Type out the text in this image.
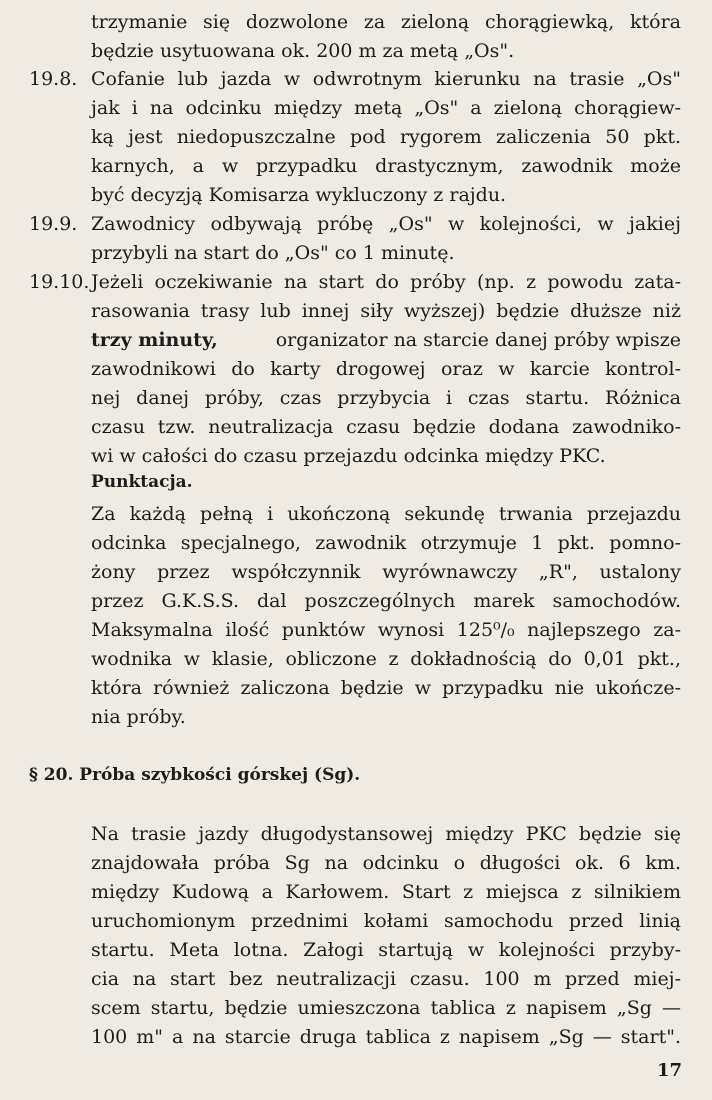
trzymanie się dozwolone za zieloną chorągiewką, która
będzie usytuowana ok. 200 m za metą „Os".
19.8. Cofanie lub jazda w odwrotnym kierunku na trasie „Os"
jak i na odcinku między metą „Os" a zieloną chorągiew-
ką jest niedopuszczalne pod rygorem zaliczenia 50 pkt.
karnych, a w przypadku drastycznym, zawodnik może
być decyzją Komisarza wykluczony z rajdu.
19.9. Zawodnicy odbywają próbę „Os" w kolejności, w jakiej
przybyli na start do „Os" co 1 minutę.
19.10. Jeżeli oczekiwanie na start do próby (np. z powodu zata-
rasowania trasy lub innej siły wyższej) będzie dłuższe niż
trzy minuty,	organizator na starcie danej próby wpisze
zawodnikowi do karty drogowej oraz w karcie kontrol-
nej danej próby, czas przybycia i czas startu. Różnica
czasu tzw. neutralizacja czasu będzie dodana zawodniko-
wi w całości do czasu przejazdu odcinka między PKC.
Punktacja.
Za każdą pełną i ukończoną sekundę trwania przejazdu
odcinka specjalnego, zawodnik otrzymuje 1 pkt. pomno-
żony przez współczynnik wyrównawczy „R", ustalony
przez G.K.S.S. dal poszczególnych marek samochodów.
Maksymalna ilość punktów wynosi 125⁰/₀ najlepszego za-
wodnika w klasie, obliczone z dokładnością do 0,01 pkt.,
która również zaliczona będzie w przypadku nie ukończe-
nia próby.
§ 20. Próba szybkości górskej (Sg).
Na trasie jazdy długodystansowej między PKC będzie się
znajdowała próba Sg na odcinku o długości ok. 6 km.
między Kudową a Karłowem. Start z miejsca z silnikiem
uruchomionym przednimi kołami samochodu przed linią
startu. Meta lotna. Załogi startują w kolejności przyby-
cia na start bez neutralizacji czasu. 100 m przed miej-
scem startu, będzie umieszczona tablica z napisem „Sg —
100 m" a na starcie druga tablica z napisem „Sg — start".
17
